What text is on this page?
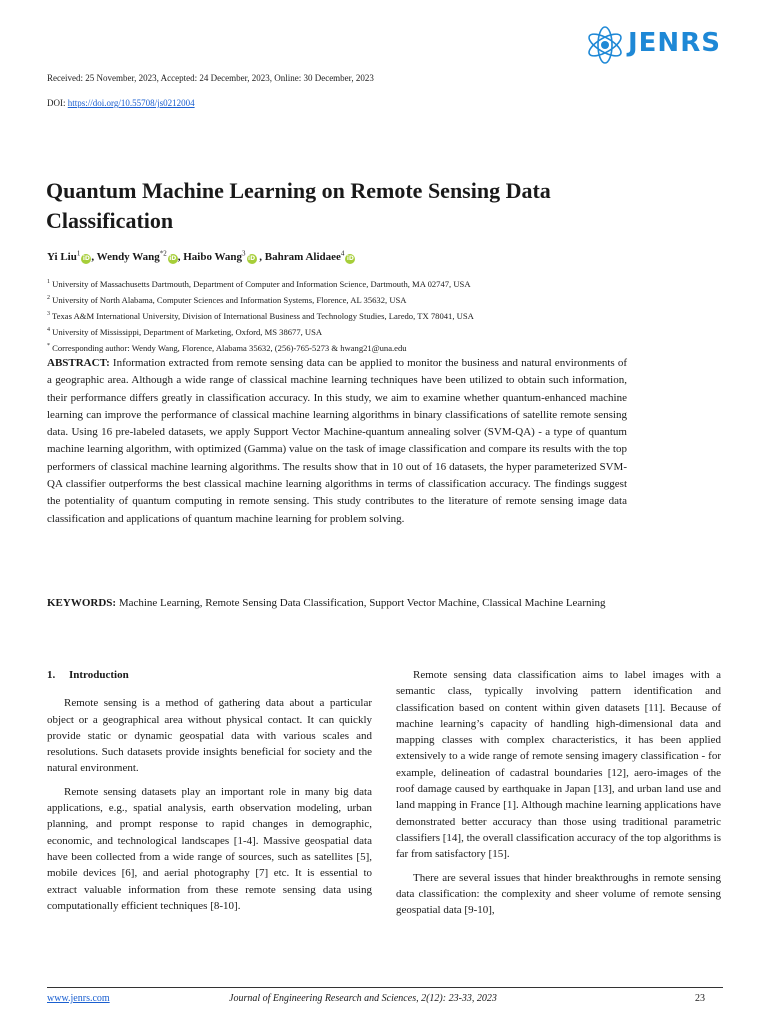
JENRS
Received: 25 November, 2023, Accepted: 24 December, 2023, Online: 30 December, 2023
DOI: https://doi.org/10.55708/js0212004
Quantum Machine Learning on Remote Sensing Data Classification
Yi Liu$^1$iD, Wendy Wang$^{*2}$iD, Haibo Wang$^3$iD , Bahram Alidaee$^4$iD
$^1$ University of Massachusetts Dartmouth, Department of Computer and Information Science, Dartmouth, MA 02747, USA
$^2$ University of North Alabama, Computer Sciences and Information Systems, Florence, AL 35632, USA
$^3$ Texas A&M International University, Division of International Business and Technology Studies, Laredo, TX 78041, USA
$^4$ University of Mississippi, Department of Marketing, Oxford, MS 38677, USA
* Corresponding author: Wendy Wang, Florence, Alabama 35632, (256)-765-5273 & hwang21@una.edu
ABSTRACT: Information extracted from remote sensing data can be applied to monitor the business and natural environments of a geographic area. Although a wide range of classical machine learning techniques have been utilized to obtain such information, their performance differs greatly in classification accuracy. In this study, we aim to examine whether quantum-enhanced machine learning can improve the performance of classical machine learning algorithms in binary classifications of satellite remote sensing data. Using 16 pre-labeled datasets, we apply Support Vector Machine-quantum annealing solver (SVM-QA) - a type of quantum machine learning algorithm, with optimized (Gamma) value on the task of image classification and compare its results with the top performers of classical machine learning algorithms. The results show that in 10 out of 16 datasets, the hyper parameterized SVM-QA classifier outperforms the best classical machine learning algorithms in terms of classification accuracy. The findings suggest the potentiality of quantum computing in remote sensing. This study contributes to the literature of remote sensing image data classification and applications of quantum machine learning for problem solving.
KEYWORDS: Machine Learning, Remote Sensing Data Classification, Support Vector Machine, Classical Machine Learning
1. Introduction

Remote sensing is a method of gathering data about a particular object or a geographical area without physical contact. It can quickly provide static or dynamic geospatial data with various scales and resolutions. Such datasets provide insights beneficial for society and the natural environment.

Remote sensing datasets play an important role in many big data applications, e.g., spatial analysis, earth observation modeling, urban planning, and prompt response to rapid changes in demographic, economic, and technological landscapes [1-4]. Massive geospatial data have been collected from a wide range of sources, such as satellites [5], mobile devices [6], and aerial photography [7] etc. It is essential to extract valuable information from these remote sensing data using computationally efficient techniques [8-10].

Remote sensing data classification aims to label images with a semantic class, typically involving pattern identification and classification based on content within given datasets [11]. Because of machine learning’s capacity of handling high-dimensional data and mapping classes with complex characteristics, it has been applied extensively to a wide range of remote sensing imagery classification - for example, delineation of cadastral boundaries [12], aero-images of the roof damage caused by earthquake in Japan [13], and urban land use and land mapping in France [1]. Although machine learning applications have demonstrated better accuracy than those using traditional parametric classifiers [14], the overall classification accuracy of the top algorithms is far from satisfactory [15].

There are several issues that hinder breakthroughs in remote sensing data classification: the complexity and sheer volume of remote sensing geospatial data [9-10],

www.jenrs.com	Journal of Engineering Research and Sciences, 2(12): 23-33, 2023	23
